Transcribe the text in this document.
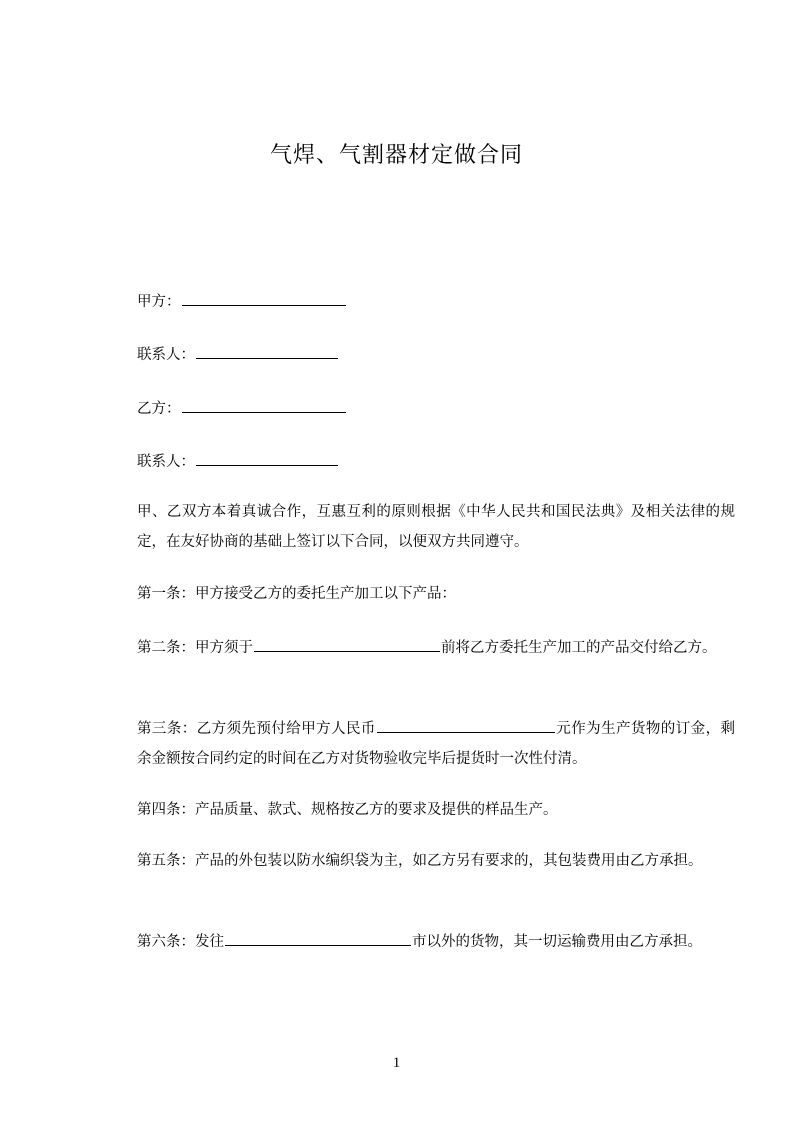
气焊、气割器材定做合同
甲方：
联系人：
乙方：
联系人：
甲、乙双方本着真诚合作，互惠互利的原则根据《中华人民共和国民法典》及相关法律的规定，在友好协商的基础上签订以下合同，以便双方共同遵守。
第一条：甲方接受乙方的委托生产加工以下产品：
第二条：甲方须于	前将乙方委托生产加工的产品交付给乙方。
第三条：乙方须先预付给甲方人民币	元作为生产货物的订金，剩余金额按合同约定的时间在乙方对货物验收完毕后提货时一次性付清。
第四条：产品质量、款式、规格按乙方的要求及提供的样品生产。
第五条：产品的外包装以防水编织袋为主，如乙方另有要求的，其包装费用由乙方承担。
第六条：发往	市以外的货物，其一切运输费用由乙方承担。
1
